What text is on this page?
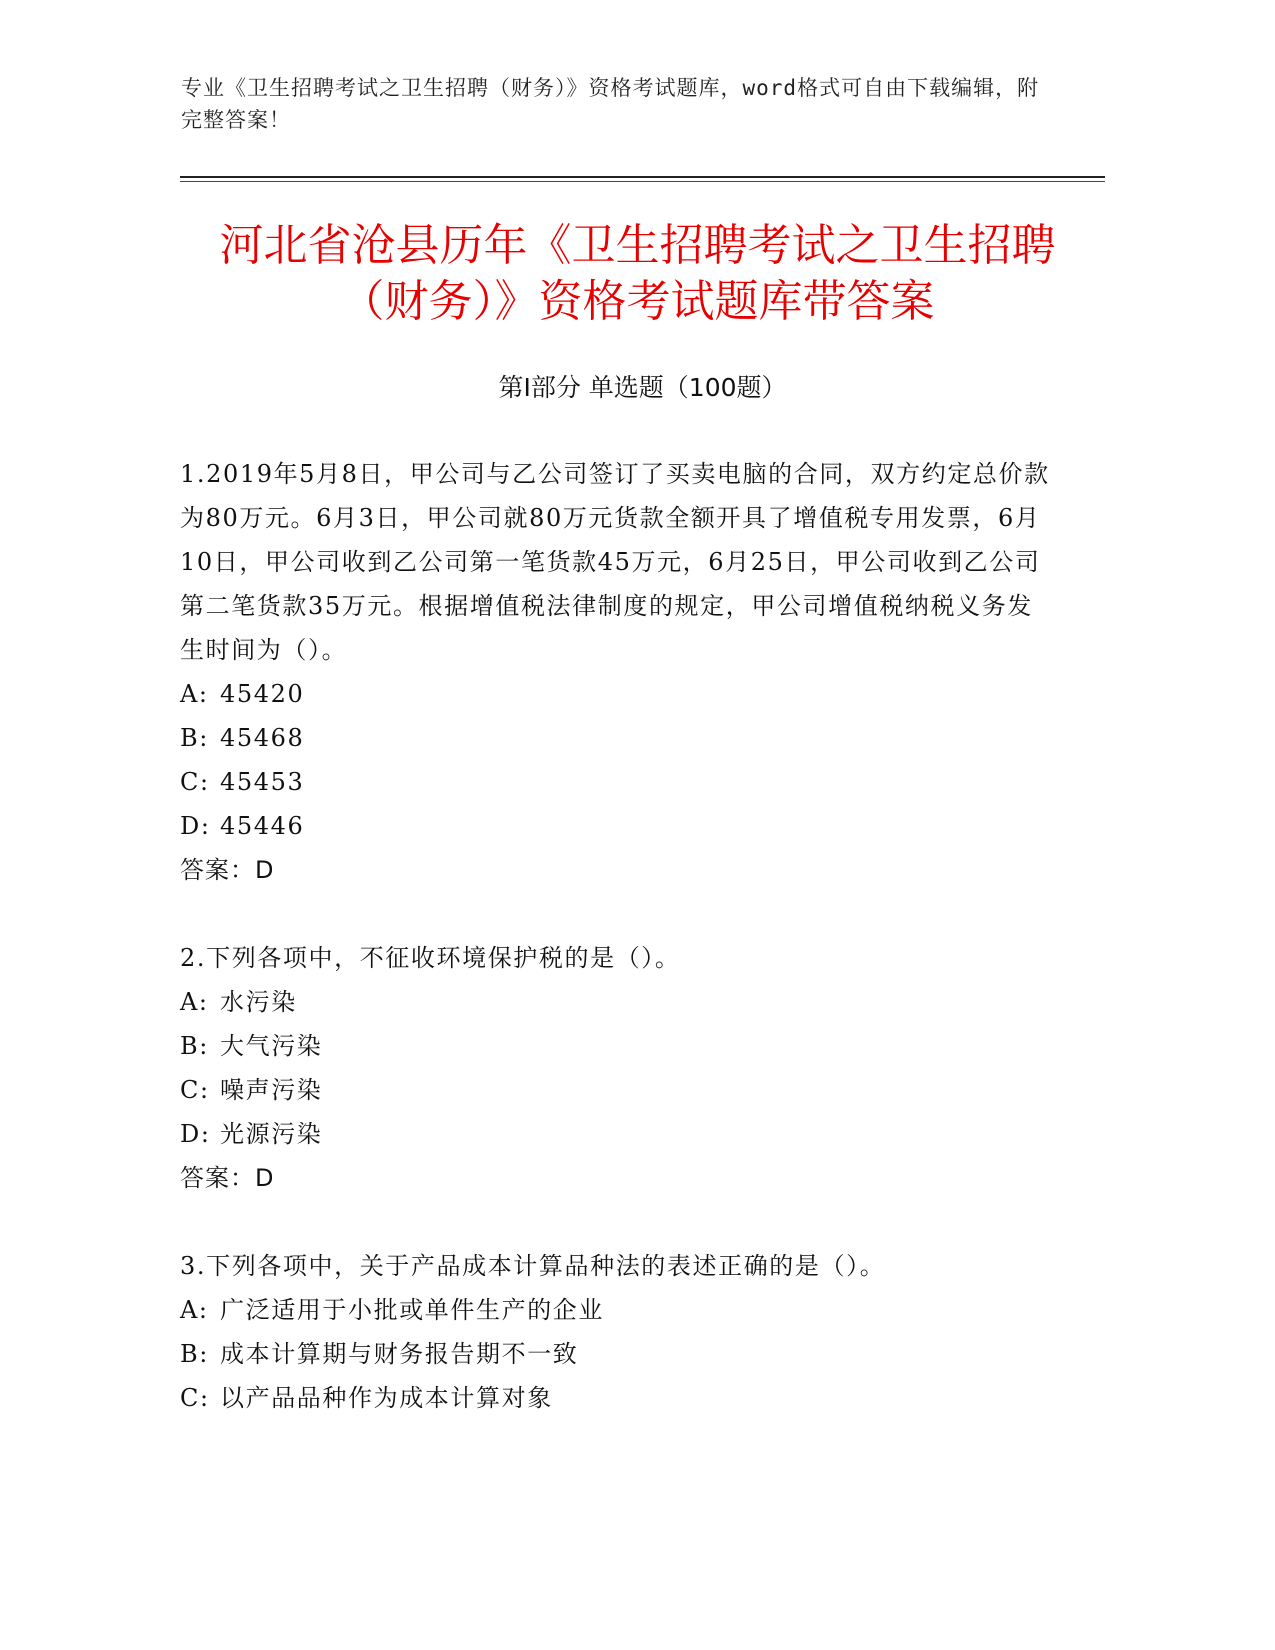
专业《卫生招聘考试之卫生招聘（财务）》资格考试题库，word格式可自由下载编辑，附完整答案！
河北省沧县历年《卫生招聘考试之卫生招聘
（财务）》资格考试题库带答案
第Ⅰ部分 单选题（100题）
1.2019年5月8日，甲公司与乙公司签订了买卖电脑的合同，双方约定总价款为80万元。6月3日，甲公司就80万元货款全额开具了增值税专用发票，6月10日，甲公司收到乙公司第一笔货款45万元，6月25日，甲公司收到乙公司第二笔货款35万元。根据增值税法律制度的规定，甲公司增值税纳税义务发生时间为（）。
A: 45420
B: 45468
C: 45453
D: 45446
答案：D
2.下列各项中，不征收环境保护税的是（）。
A: 水污染
B: 大气污染
C: 噪声污染
D: 光源污染
答案：D
3.下列各项中，关于产品成本计算品种法的表述正确的是（）。
A: 广泛适用于小批或单件生产的企业
B: 成本计算期与财务报告期不一致
C: 以产品品种作为成本计算对象
